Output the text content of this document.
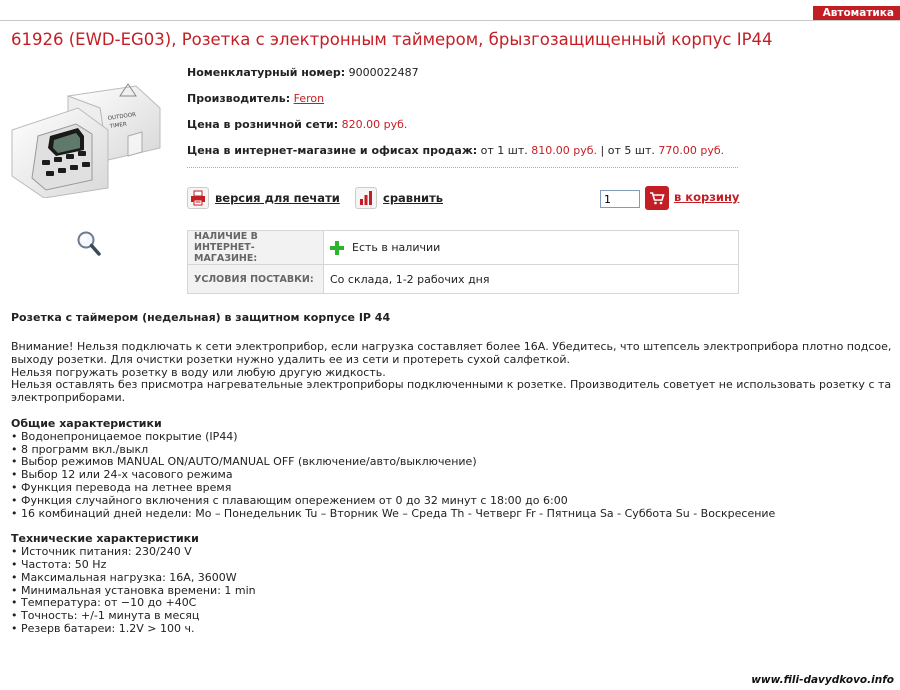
Автоматика
61926 (EWD-EG03), Розетка с электронным таймером, брызгозащищенный корпус IP44
OUTDOOR
TIMER
Номенклатурный номер: 9000022487
Производитель: Feron
Цена в розничной сети: 820.00 руб.
Цена в интернет-магазине и офисах продаж: от 1 шт. 810.00 руб. | от 5 шт. 770.00 руб.
версия для печати	сравнить
1	в корзину
НАЛИЧИЕ В ИНТЕРНЕТ-МАГАЗИНЕ:	Есть в наличии
УСЛОВИЯ ПОСТАВКИ:	Со склада, 1-2 рабочих дня
Розетка с таймером (недельная) в защитном корпусе IP 44

Внимание! Нельзя подключать к сети электроприбор, если нагрузка составляет более 16А. Убедитесь, что штепсель электроприбора плотно подсое,

выходу розетки. Для очистки розетки нужно удалить ее из сети и протереть сухой салфеткой.

Нельзя погружать розетку в воду или любую другую жидкость.

Нельзя оставлять без присмотра нагревательные электроприборы подключенными к розетке. Производитель советует не использовать розетку с та

электроприборами.

Общие характеристики

• Водонепроницаемое покрытие (IP44)

• 8 программ вкл./выкл

• Выбор режимов MANUAL ON/AUTO/MANUAL OFF (включение/авто/выключение)

• Выбор 12 или 24-х часового режима

• Функция перевода на летнее время

• Функция случайного включения с плавающим опережением от 0 до 32 минут с 18:00 до 6:00

• 16 комбинаций дней недели: Mo – Понедельник Tu – Вторник We – Среда Th - Четверг Fr - Пятница Sa - Суббота Su - Воскресение

Технические характеристики

• Источник питания: 230/240 V

• Частота: 50 Hz

• Максимальная нагрузка: 16А, 3600W

• Минимальная установка времени: 1 min

• Температура: от −10 до +40С

• Точность: +/-1 минута в месяц

• Резерв батареи: 1.2V > 100 ч.

www.fili-davydkovo.info
